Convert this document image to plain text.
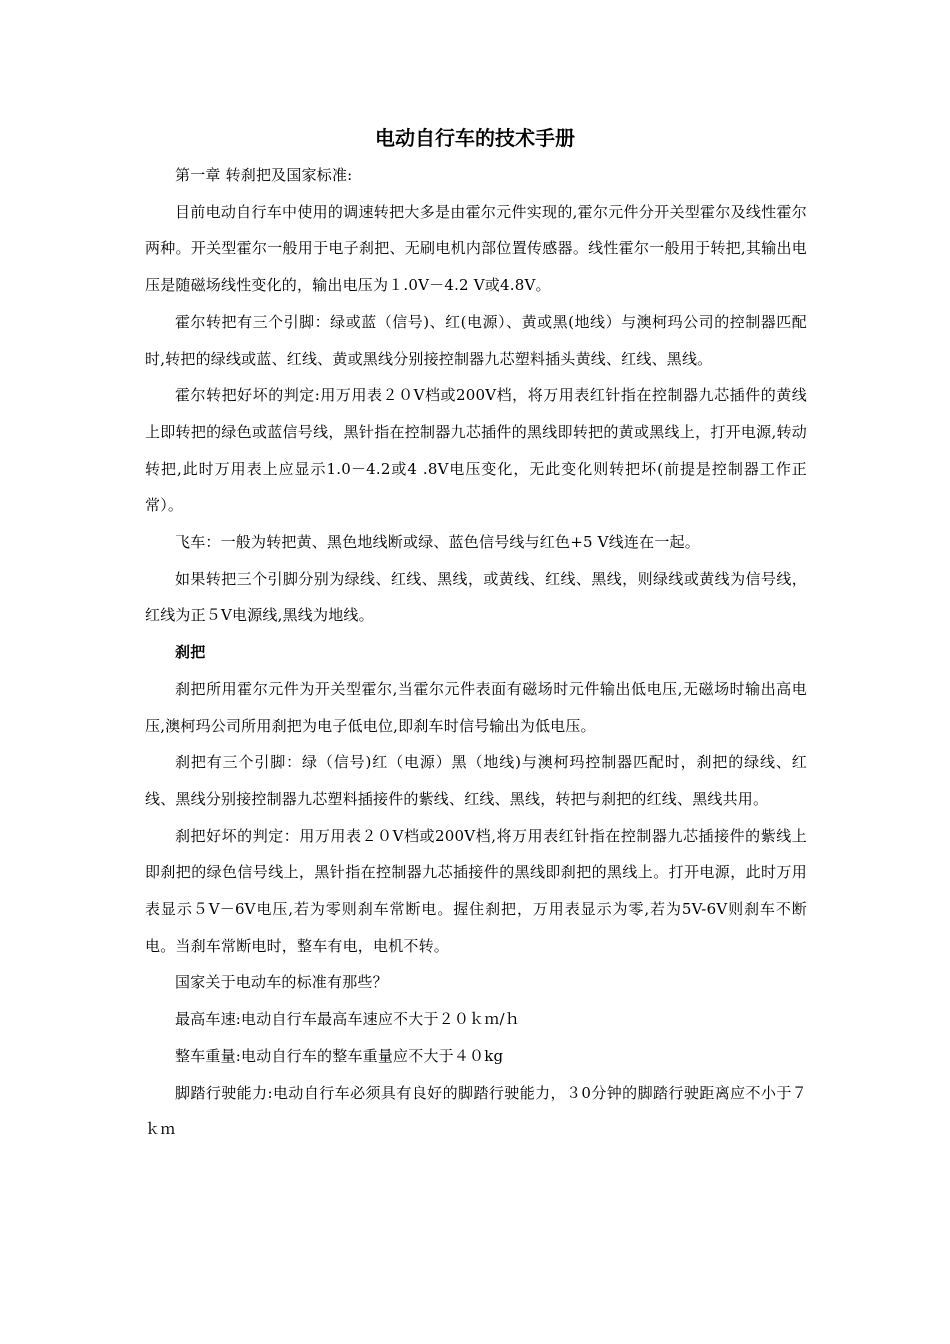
电动自行车的技术手册

第一章 转刹把及国家标准:

目前电动自行车中使用的调速转把大多是由霍尔元件实现的,霍尔元件分开关型霍尔及线性霍尔两种。开关型霍尔一般用于电子刹把、无刷电机内部位置传感器。线性霍尔一般用于转把,其输出电压是随磁场线性变化的，输出电压为１.0V－4.2 V或4.8V。

霍尔转把有三个引脚：绿或蓝（信号)、红(电源）、黄或黑(地线）与澳柯玛公司的控制器匹配时,转把的绿线或蓝、红线、黄或黑线分别接控制器九芯塑料插头黄线、红线、黑线。

霍尔转把好坏的判定:用万用表２０V档或200V档，将万用表红针指在控制器九芯插件的黄线上即转把的绿色或蓝信号线，黑针指在控制器九芯插件的黑线即转把的黄或黑线上，打开电源,转动转把,此时万用表上应显示1.0－4.2或4 .8V电压变化，无此变化则转把坏(前提是控制器工作正常）。

飞车：一般为转把黄、黑色地线断或绿、蓝色信号线与红色+5 V线连在一起。

如果转把三个引脚分别为绿线、红线、黑线，或黄线、红线、黑线，则绿线或黄线为信号线，红线为正５V电源线,黑线为地线。

刹把

刹把所用霍尔元件为开关型霍尔,当霍尔元件表面有磁场时元件输出低电压,无磁场时输出高电压,澳柯玛公司所用刹把为电子低电位,即刹车时信号输出为低电压。

刹把有三个引脚：绿（信号)红（电源）黑（地线)与澳柯玛控制器匹配时，刹把的绿线、红线、黑线分别接控制器九芯塑料插接件的紫线、红线、黑线，转把与刹把的红线、黑线共用。

刹把好坏的判定：用万用表２０V档或200V档,将万用表红针指在控制器九芯插接件的紫线上即刹把的绿色信号线上，黑针指在控制器九芯插接件的黑线即刹把的黑线上。打开电源，此时万用表显示５V－6V电压,若为零则刹车常断电。握住刹把，万用表显示为零,若为5V-6V则刹车不断电。当刹车常断电时，整车有电，电机不转。

国家关于电动车的标准有那些？

最高车速:电动自行车最高车速应不大于２０ｋｍ/ｈ

整车重量:电动自行车的整车重量应不大于４０kg

脚踏行驶能力:电动自行车必须具有良好的脚踏行驶能力，３0分钟的脚踏行驶距离应不小于７ｋｍ
